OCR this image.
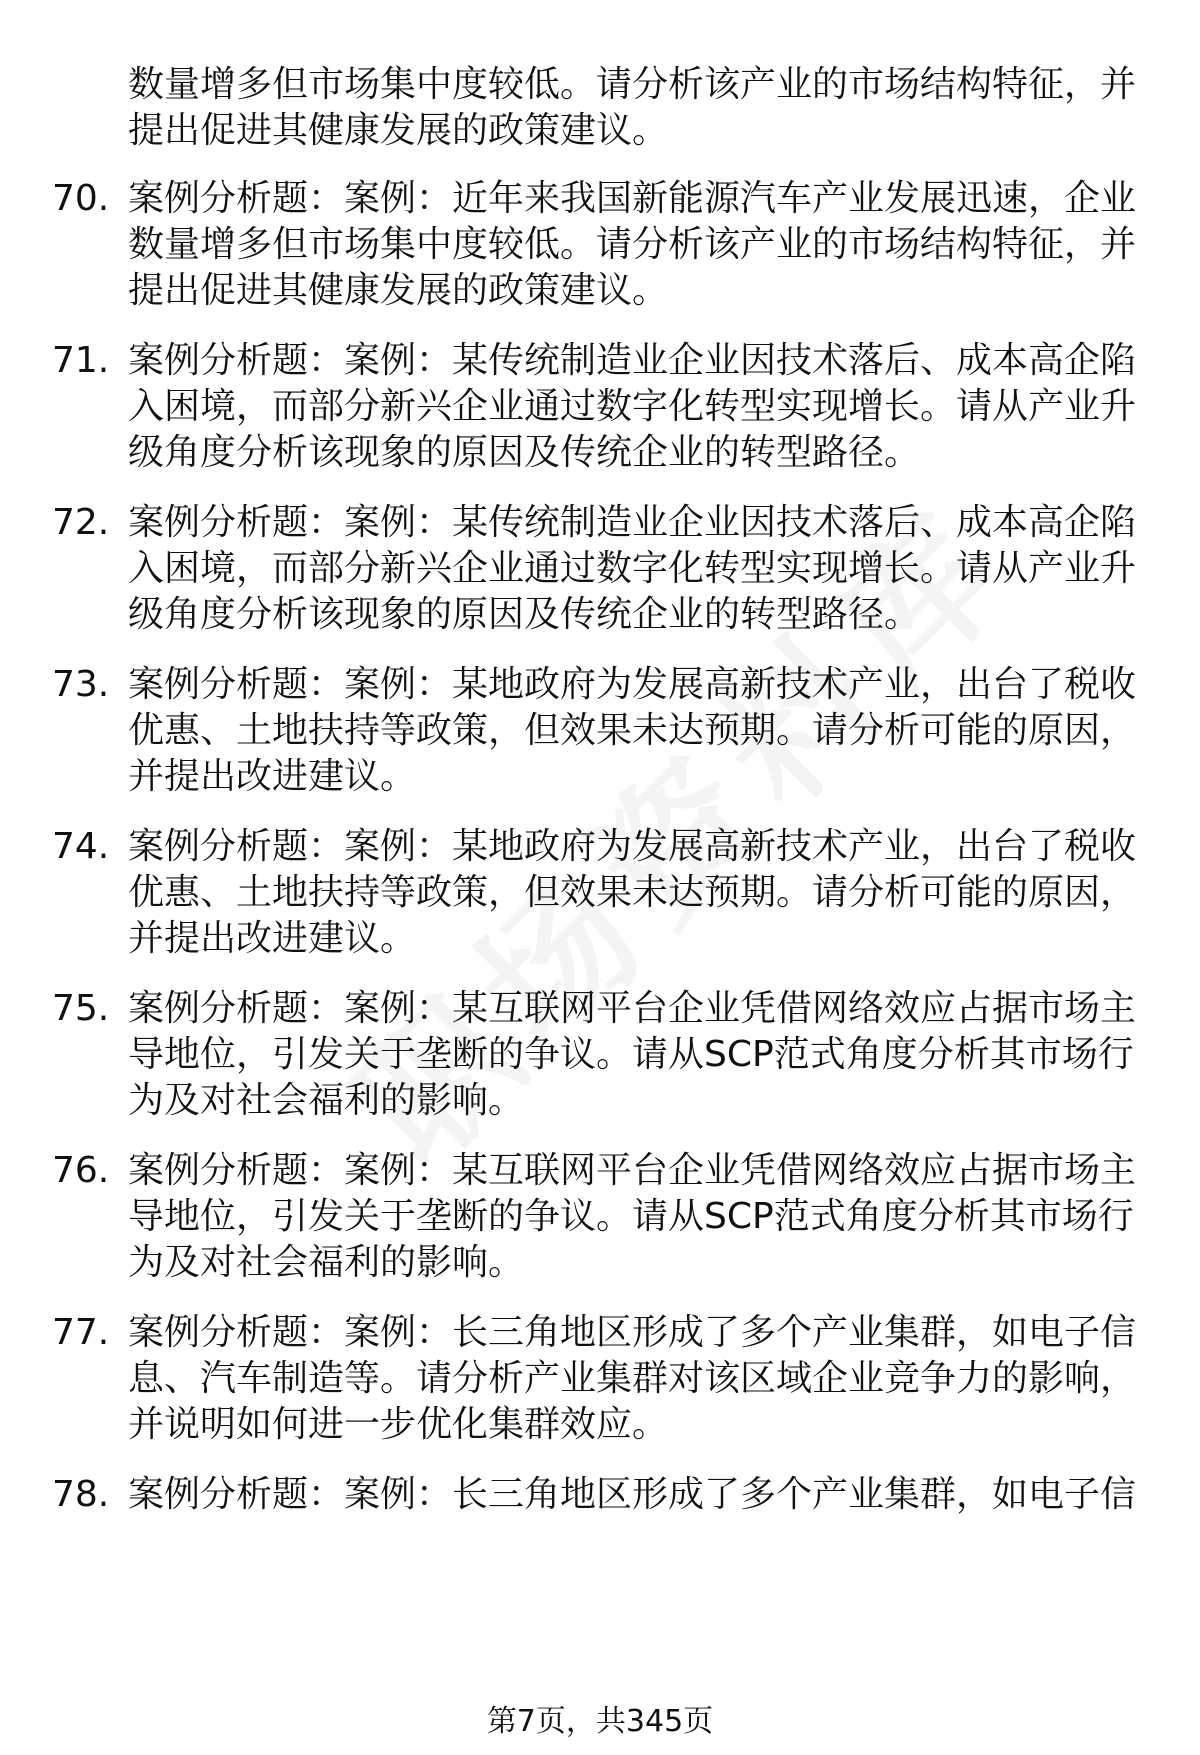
数量增多但市场集中度较低。请分析该产业的市场结构特征，并提出促进其健康发展的政策建议。

70. 案例分析题：案例：近年来我国新能源汽车产业发展迅速，企业数量增多但市场集中度较低。请分析该产业的市场结构特征，并提出促进其健康发展的政策建议。

71. 案例分析题：案例：某传统制造业企业因技术落后、成本高企陷入困境，而部分新兴企业通过数字化转型实现增长。请从产业升级角度分析该现象的原因及传统企业的转型路径。

72. 案例分析题：案例：某传统制造业企业因技术落后、成本高企陷入困境，而部分新兴企业通过数字化转型实现增长。请从产业升级角度分析该现象的原因及传统企业的转型路径。

73. 案例分析题：案例：某地政府为发展高新技术产业，出台了税收优惠、土地扶持等政策，但效果未达预期。请分析可能的原因，并提出改进建议。

74. 案例分析题：案例：某地政府为发展高新技术产业，出台了税收优惠、土地扶持等政策，但效果未达预期。请分析可能的原因，并提出改进建议。

75. 案例分析题：案例：某互联网平台企业凭借网络效应占据市场主导地位，引发关于垄断的争议。请从SCP范式角度分析其市场行为及对社会福利的影响。

76. 案例分析题：案例：某互联网平台企业凭借网络效应占据市场主导地位，引发关于垄断的争议。请从SCP范式角度分析其市场行为及对社会福利的影响。

77. 案例分析题：案例：长三角地区形成了多个产业集群，如电子信息、汽车制造等。请分析产业集群对该区域企业竞争力的影响，并说明如何进一步优化集群效应。

78. 案例分析题：案例：长三角地区形成了多个产业集群，如电子信

第7页，共345页
